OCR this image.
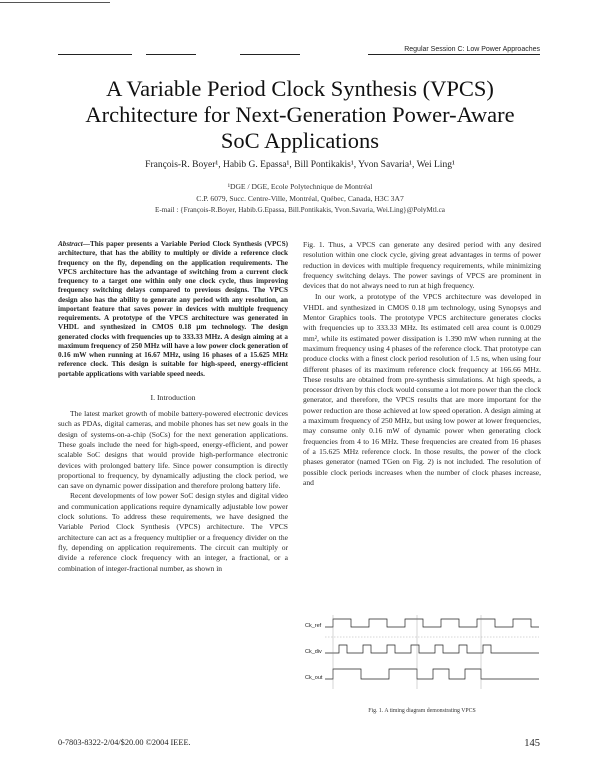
Regular Session C: Low Power Approaches
A Variable Period Clock Synthesis (VPCS)
Architecture for Next-Generation Power-Aware
SoC Applications
François-R. Boyer¹, Habib G. Epassa¹, Bill Pontikakis¹, Yvon Savaria¹, Wei Ling¹
¹DGE / DGE, Ecole Polytechnique de Montréal
C.P. 6079, Succ. Centre-Ville, Montréal, Québec, Canada, H3C 3A7
E-mail : {François-R.Boyer, Habib.G.Epassa, Bill.Pontikakis, Yvon.Savaria, Wei.Ling}@PolyMtl.ca

Abstract—This paper presents a Variable Period Clock Synthesis (VPCS) architecture, that has the ability to multiply or divide a reference clock frequency on the fly, depending on the application requirements. The VPCS architecture has the advantage of switching from a current clock frequency to a target one within only one clock cycle, thus improving frequency switching delays compared to previous designs. The VPCS design also has the ability to generate any period with any resolution, an important feature that saves power in devices with multiple frequency requirements. A prototype of the VPCS architecture was generated in VHDL and synthesized in CMOS 0.18 μm technology. The design generated clocks with frequencies up to 333.33 MHz. A design aiming at a maximum frequency of 250 MHz will have a low power clock generation of 0.16 mW when running at 16.67 MHz, using 16 phases of a 15.625 MHz reference clock. This design is suitable for high-speed, energy-efficient portable applications with variable speed needs.

I. Introduction

The latest market growth of mobile battery-powered electronic devices such as PDAs, digital cameras, and mobile phones has set new goals in the design of systems-on-a-chip (SoCs) for the next generation applications. These goals include the need for high-speed, energy-efficient, and power scalable SoC designs that would provide high-performance electronic devices with prolonged battery life. Since power consumption is directly proportional to frequency, by dynamically adjusting the clock period, we can save on dynamic power dissipation and therefore prolong battery life.

Recent developments of low power SoC design styles and digital video and communication applications require dynamically adjustable low power clock solutions. To address these requirements, we have designed the Variable Period Clock Synthesis (VPCS) architecture. The VPCS architecture can act as a frequency multiplier or a frequency divider on the fly, depending on application requirements. The circuit can multiply or divide a reference clock frequency with an integer, a fractional, or a combination of integer-fractional number, as shown in

Fig. 1. Thus, a VPCS can generate any desired period with any desired resolution within one clock cycle, giving great advantages in terms of power reduction in devices with multiple frequency requirements, while minimizing frequency switching delays. The power savings of VPCS are prominent in devices that do not always need to run at high frequency.

In our work, a prototype of the VPCS architecture was developed in VHDL and synthesized in CMOS 0.18 μm technology, using Synopsys and Mentor Graphics tools. The prototype VPCS architecture generates clocks with frequencies up to 333.33 MHz. Its estimated cell area count is 0.0029 mm², while its estimated power dissipation is 1.390 mW when running at the maximum frequency using 4 phases of the reference clock. That prototype can produce clocks with a finest clock period resolution of 1.5 ns, when using four different phases of its maximum reference clock frequency at 166.66 MHz. These results are obtained from pre-synthesis simulations. At high speeds, a processor driven by this clock would consume a lot more power than the clock generator, and therefore, the VPCS results that are more important for the power reduction are those achieved at low speed operation. A design aiming at a maximum frequency of 250 MHz, but using low power at lower frequencies, may consume only 0.16 mW of dynamic power when generating clock frequencies from 4 to 16 MHz. These frequencies are created from 16 phases of a 15.625 MHz reference clock. In those results, the power of the clock phases generator (named TGen on Fig. 2) is not included. The resolution of possible clock periods increases when the number of clock phases increase, and

Ck_ref
Ck_div
Ck_out
Fig. 1. A timing diagram demonstrating VPCS
0-7803-8322-2/04/$20.00 ©2004 IEEE.	145
